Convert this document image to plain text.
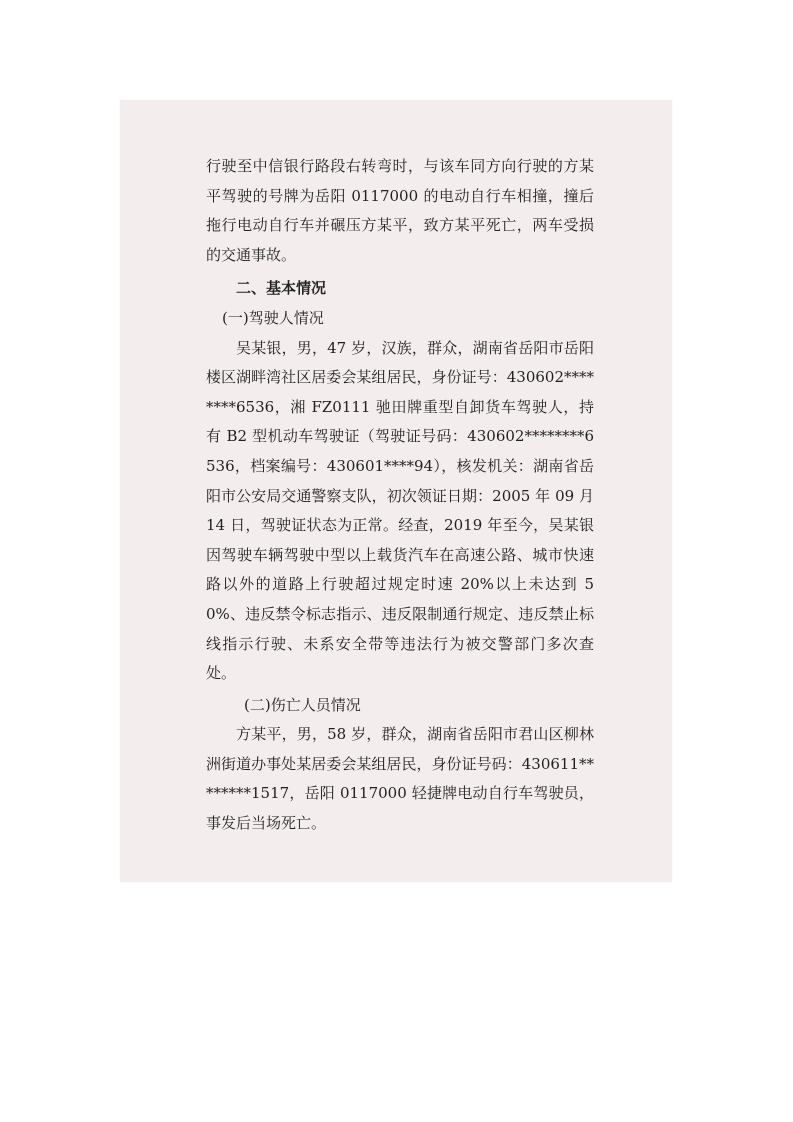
行驶至中信银行路段右转弯时，与该车同方向行驶的方某平驾驶的号牌为岳阳 0117000 的电动自行车相撞，撞后拖行电动自行车并碾压方某平，致方某平死亡，两车受损的交通事故。

二、基本情况

(一)驾驶人情况

吴某银，男，47 岁，汉族，群众，湖南省岳阳市岳阳楼区湖畔湾社区居委会某组居民，身份证号：430602********6536，湘 FZ0111 驰田牌重型自卸货车驾驶人，持有 B2 型机动车驾驶证（驾驶证号码：430602********6536，档案编号：430601****94），核发机关：湖南省岳阳市公安局交通警察支队，初次领证日期：2005 年 09 月 14 日，驾驶证状态为正常。经查，2019 年至今，吴某银因驾驶车辆驾驶中型以上载货汽车在高速公路、城市快速路以外的道路上行驶超过规定时速 20%以上未达到 50%、违反禁令标志指示、违反限制通行规定、违反禁止标线指示行驶、未系安全带等违法行为被交警部门多次查处。

(二)伤亡人员情况

方某平，男，58 岁，群众，湖南省岳阳市君山区柳林洲街道办事处某居委会某组居民，身份证号码：430611********1517，岳阳 0117000 轻捷牌电动自行车驾驶员，事发后当场死亡。
